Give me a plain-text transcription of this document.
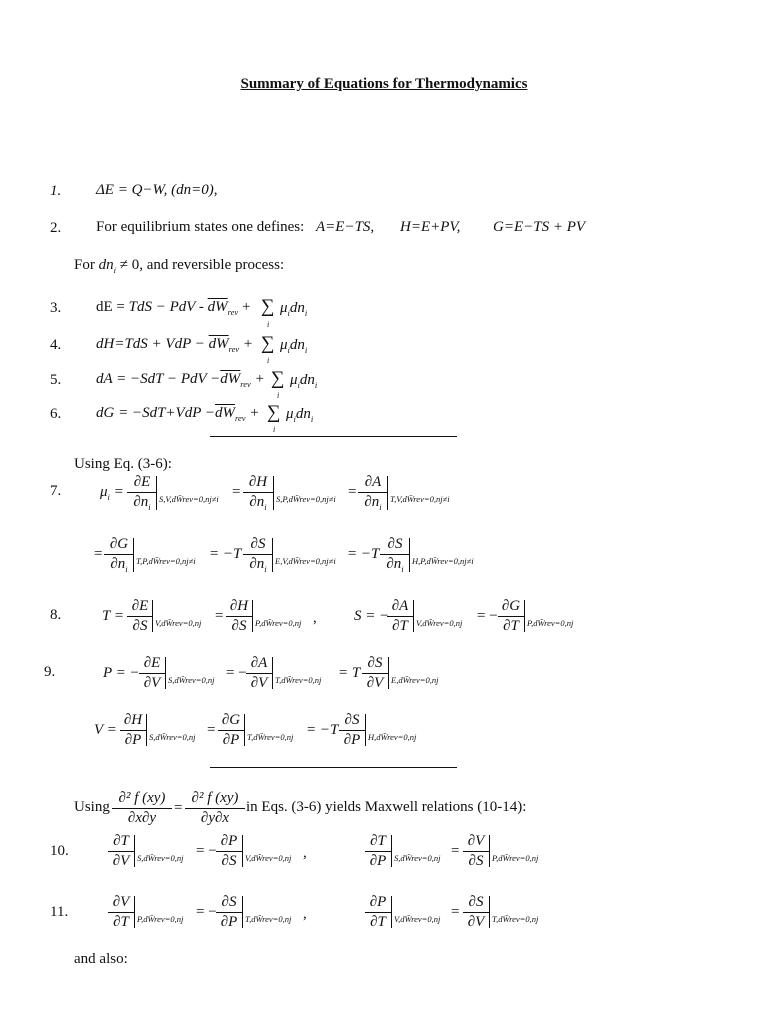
Summary of Equations for Thermodynamics
1. ΔE = Q−W, (dn=0),
2. For equilibrium states one defines: A=E−TS, H=E+PV, G=E−TS + PV
For $dn_i \ne 0$, and reversible process:
3. dE = TdS − PdV - $\overline{dW}_{rev}$ + ∑
i
$\mu_idn_i$
4. dH=TdS + VdP − $\overline{dW}_{rev}$ + ∑
i
$\mu_idn_i$
5. dA = −SdT − PdV $-\overline{dW}_{rev}$ + ∑
i
$\mu_idn_i$
6. dG = $-SdT+VdP -\overline{dW}_{rev}$ + ∑
i
$\mu_idn_i$
Using Eq. (3-6):
7.	$\mu_i = \frac{\partial E}{\partial n_i}$ S,V,dW̄rev=0,nj≠i = $\frac{\partial H}{\partial n_i}$ S,P,dW̄rev=0,nj≠i = $\frac{\partial A}{\partial n_i}$ T,V,dW̄rev=0,nj≠i
= $\frac{\partial G}{\partial n_i}$ T,P,dW̄rev=0,nj≠i = $-T \frac{\partial S}{\partial n_i}$ E,V,dW̄rev=0,nj≠i = $-T \frac{\partial S}{\partial n_i}$ H,P,dW̄rev=0,nj≠i
8.	$T = \frac{\partial E}{\partial S}$ V,dW̄rev=0,nj = $\frac{\partial H}{\partial S}$ P,dW̄rev=0,nj , S = −
$\frac{\partial A}{\partial T}$ V,dW̄rev=0,nj = − $\frac{\partial G}{\partial T}$ P,dW̄rev=0,nj
9.	P = − $\frac{\partial E}{\partial V}$ S,dW̄rev=0,nj = − $\frac{\partial A}{\partial V}$ T,dW̄rev=0,nj = T $\frac{\partial S}{\partial V}$ E,dW̄rev=0,nj
$V = \frac{\partial H}{\partial P}$ S,dW̄rev=0,nj = $\frac{\partial G}{\partial P}$ T,dW̄rev=0,nj = $-T \frac{\partial S}{\partial P}$ H,dW̄rev=0,nj
Using $\frac{\text{∂² f (xy)}}{\partial x\partial y} = \frac{\text{∂² f (xy)}}{\partial y\partial x}$ in Eqs. (3-6) yields Maxwell relations (10-14):
10.	$\frac{\partial T}{\partial V}$ S,dW̄rev=0,nj = − $\frac{\partial P}{\partial S}$ V,dW̄rev=0,nj ,	$\frac{\partial T}{\partial P}$ S,dW̄rev=0,nj = $\frac{\partial V}{\partial S}$ P,dW̄rev=0,nj
11.	$\frac{\partial V}{\partial T}$ P,dW̄rev=0,nj = − $\frac{\partial S}{\partial P}$ T,dW̄rev=0,nj ,	$\frac{\partial P}{\partial T}$ V,dW̄rev=0,nj = $\frac{\partial S}{\partial V}$ T,dW̄rev=0,nj
and also:
